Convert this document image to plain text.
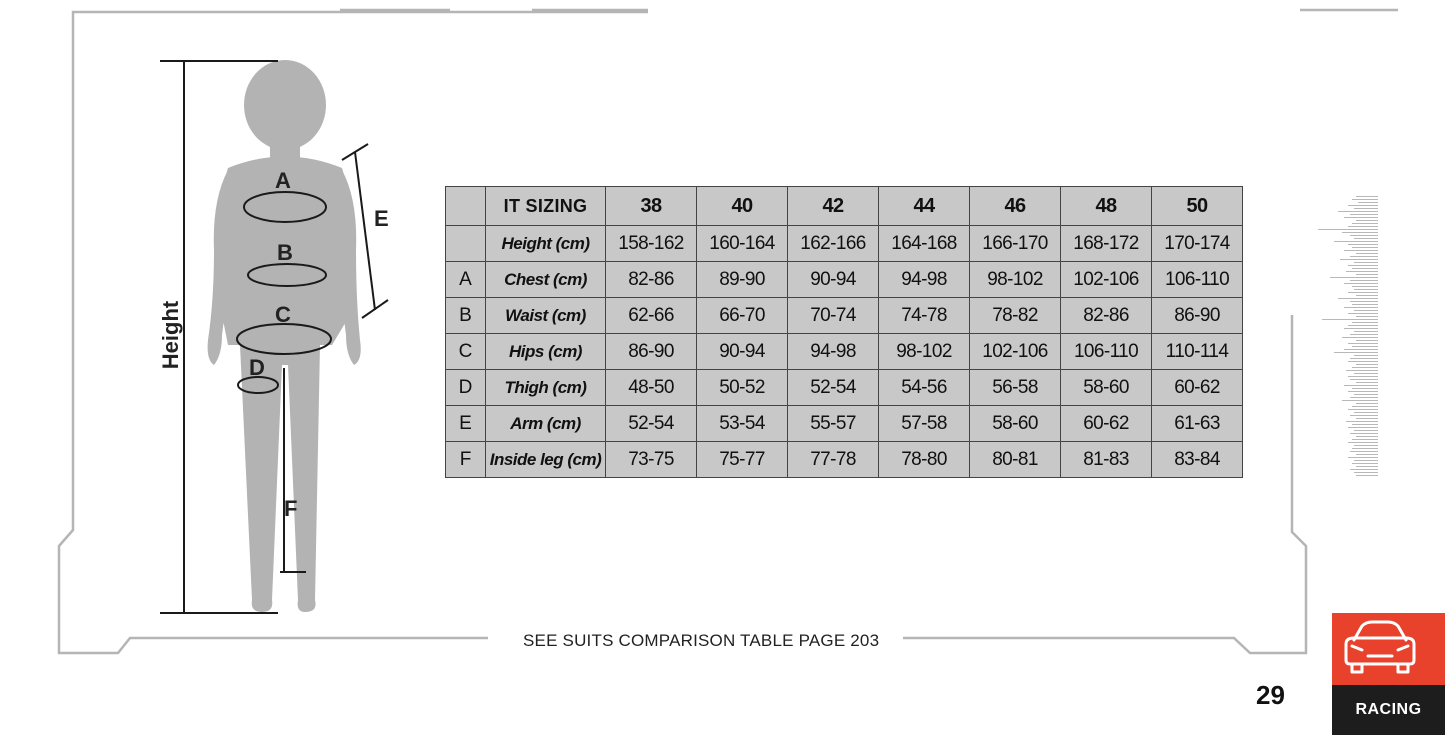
Height
A
B
C
D
E
F
	IT SIZING	38	40	42	44	46	48	50
	Height (cm)	158-162	160-164	162-166	164-168	166-170	168-172	170-174
A	Chest (cm)	82-86	89-90	90-94	94-98	98-102	102-106	106-110
B	Waist (cm)	62-66	66-70	70-74	74-78	78-82	82-86	86-90
C	Hips (cm)	86-90	90-94	94-98	98-102	102-106	106-110	110-114
D	Thigh (cm)	48-50	50-52	52-54	54-56	56-58	58-60	60-62
E	Arm (cm)	52-54	53-54	55-57	57-58	58-60	60-62	61-63
F	Inside leg (cm)	73-75	75-77	77-78	78-80	80-81	81-83	83-84
SEE SUITS COMPARISON TABLE PAGE 203
RACING
29
